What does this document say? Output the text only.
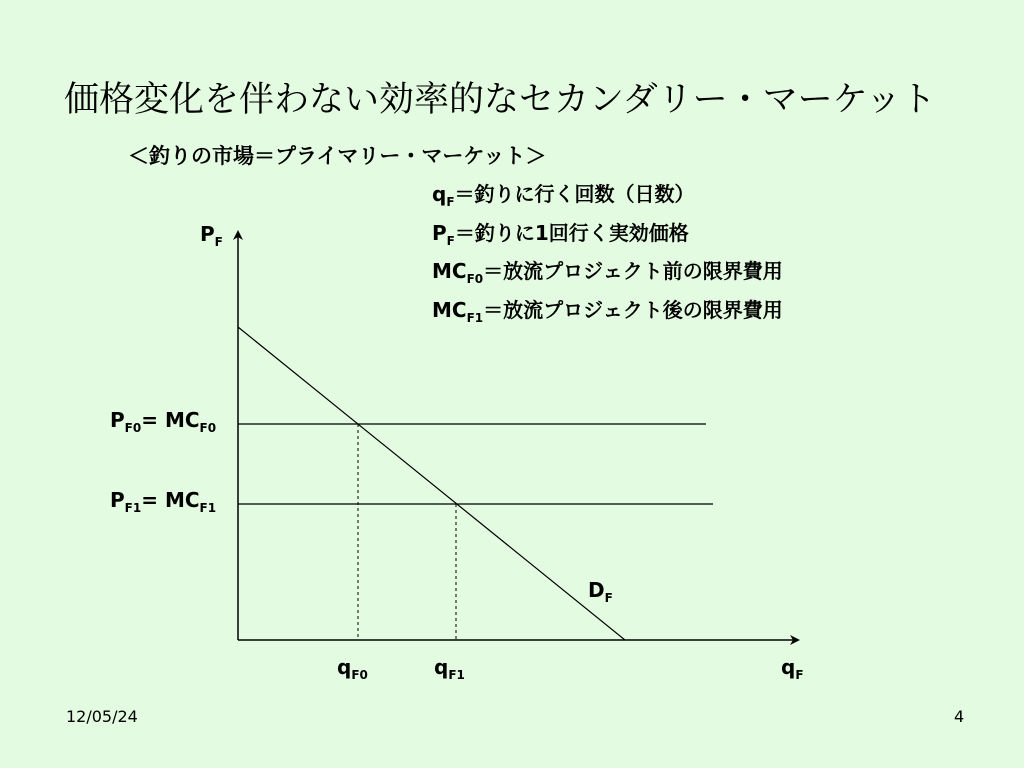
価格変化を伴わない効率的なセカンダリー・マーケット
＜釣りの市場＝プライマリー・マーケット＞
$q_F=$釣りに行く回数（日数）
$P_F=$釣りに1回行く実効価格
$MC_{F0}=$放流プロジェクト前の限界費用
$MC_{F1}=$放流プロジェクト後の限界費用
$P_F$
$P_{F0}= MC_{F0}$
$P_{F1}= MC_{F1}$
$D_F$
$q_{F0}$	$q_{F1}$	$q_F$
12/05/24	4
